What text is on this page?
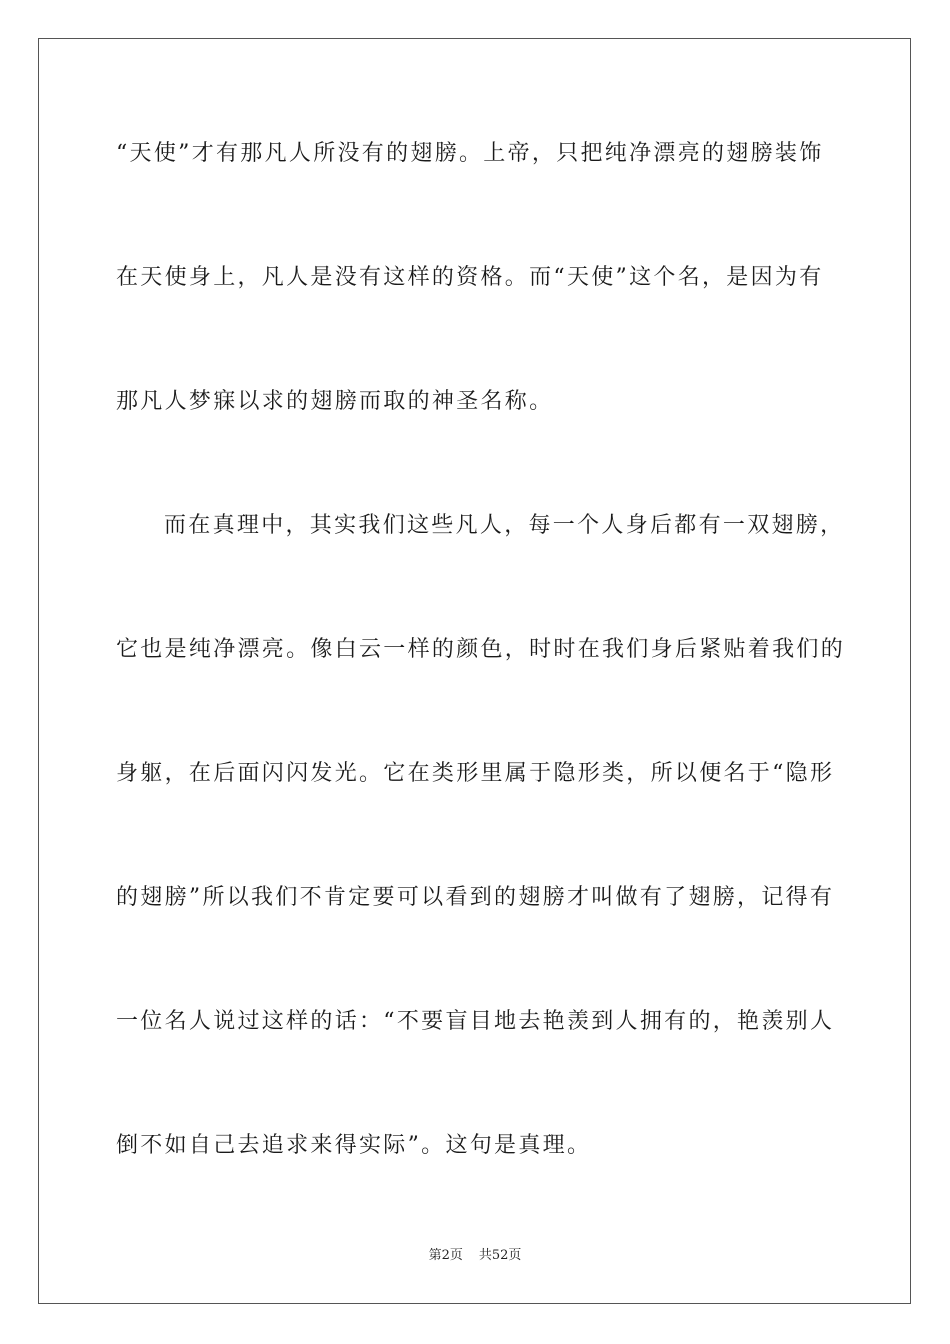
“天使”才有那凡人所没有的翅膀。上帝，只把纯净漂亮的翅膀装饰
在天使身上，凡人是没有这样的资格。而“天使”这个名，是因为有
那凡人梦寐以求的翅膀而取的神圣名称。
而在真理中，其实我们这些凡人，每一个人身后都有一双翅膀，
它也是纯净漂亮。像白云一样的颜色，时时在我们身后紧贴着我们的
身躯，在后面闪闪发光。它在类形里属于隐形类，所以便名于“隐形
的翅膀”所以我们不肯定要可以看到的翅膀才叫做有了翅膀，记得有
一位名人说过这样的话：“不要盲目地去艳羡到人拥有的，艳羡别人
倒不如自己去追求来得实际”。这句是真理。
第2页 共52页
